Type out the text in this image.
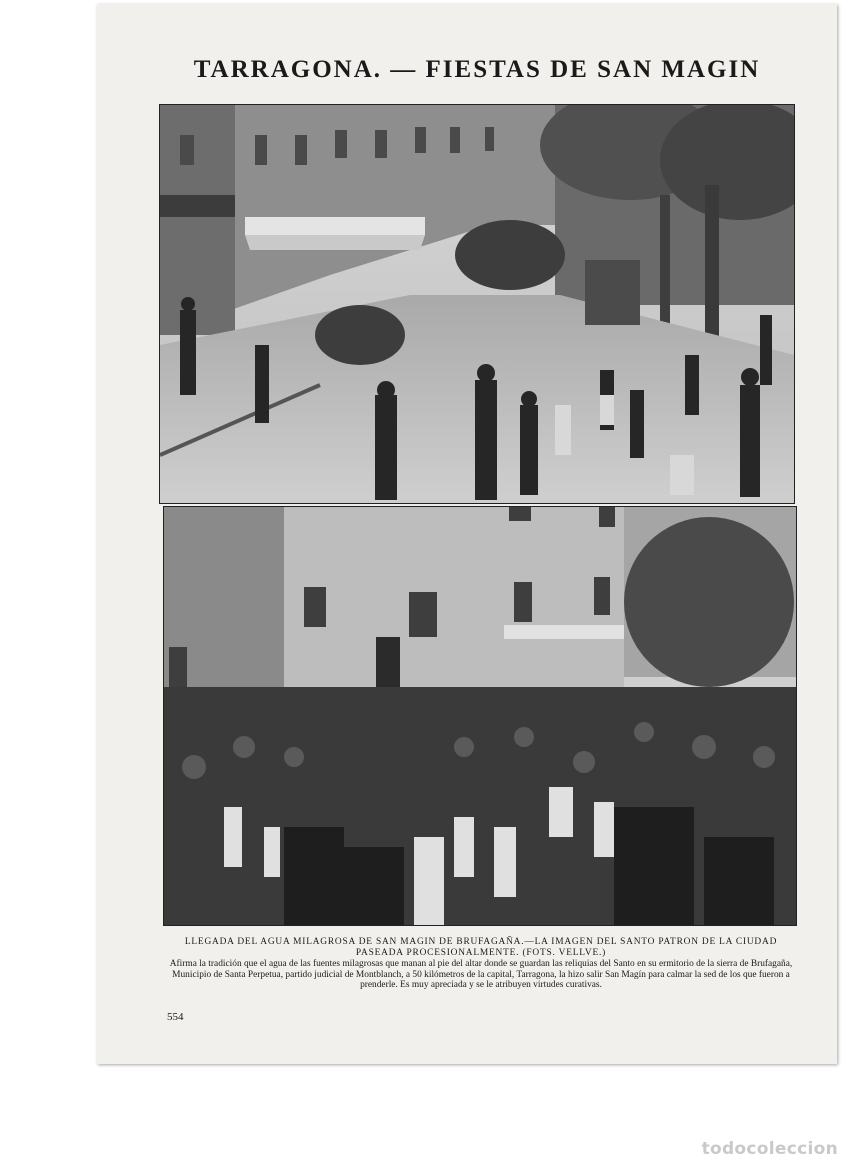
TARRAGONA. — FIESTAS DE SAN MAGIN
LLEGADA DEL AGUA MILAGROSA DE SAN MAGIN DE BRUFAGAÑA.—LA IMAGEN DEL SANTO PATRON DE LA CIUDAD PASEADA PROCESIONALMENTE. (FOTS. VELLVE.)
Afirma la tradición que el agua de las fuentes milagrosas que manan al pie del altar donde se guardan las reliquias del Santo en su ermitorio de la sierra de Brufagaña, Municipio de Santa Perpetua, partido judicial de Montblanch, a 50 kilómetros de la capital, Tarragona, la hizo salir San Magín para calmar la sed de los que fueron a prenderle. Es muy apreciada y se le atribuyen virtudes curativas.
554
todocoleccion
